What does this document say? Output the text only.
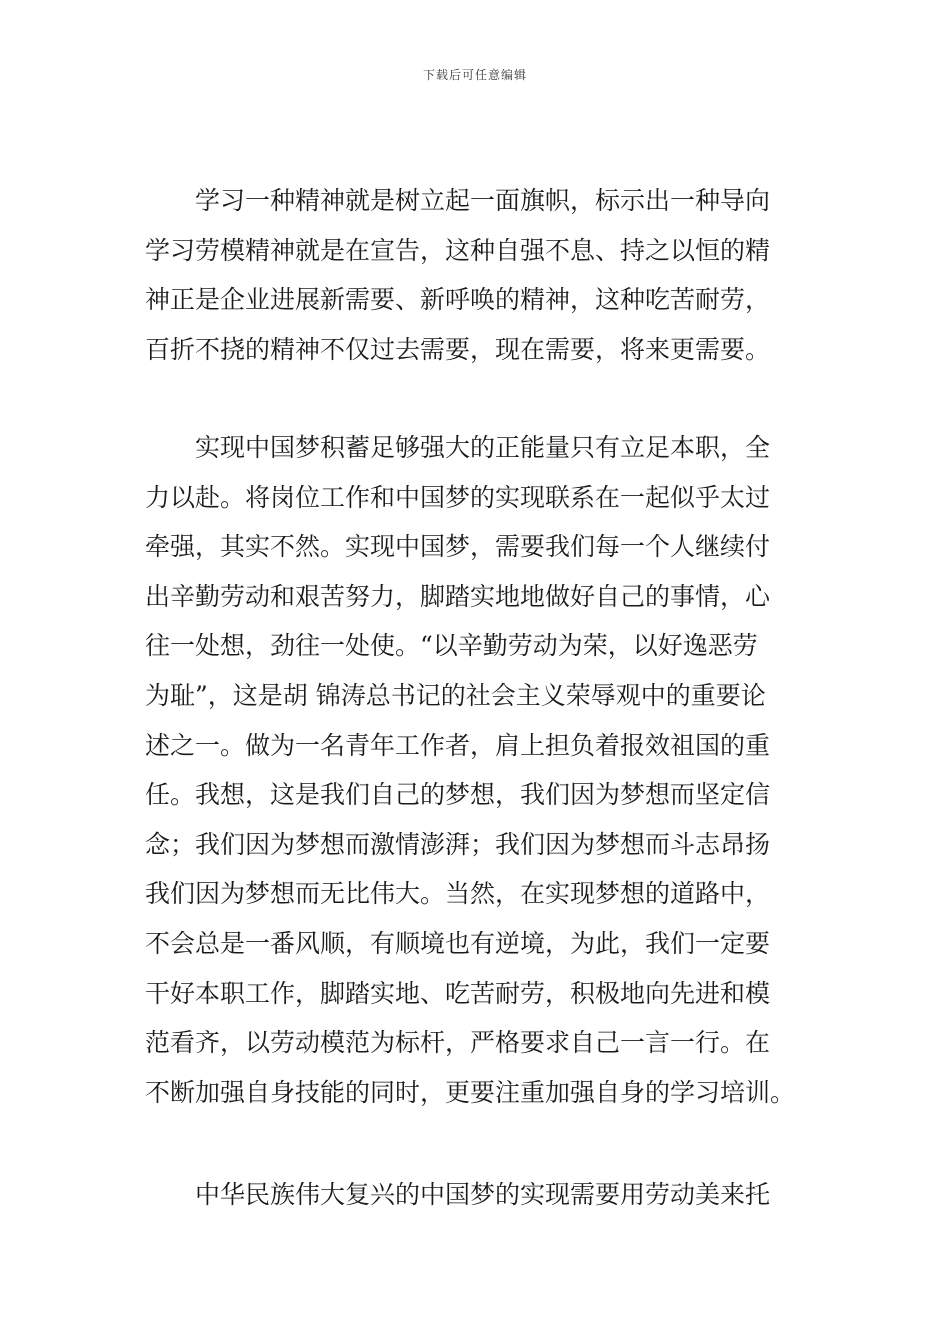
下载后可任意编辑

学习一种精神就是树立起一面旗帜，标示出一种导向

学习劳模精神就是在宣告，这种自强不息、持之以恒的精
神正是企业进展新需要、新呼唤的精神，这种吃苦耐劳，
百折不挠的精神不仅过去需要，现在需要，将来更需要。

实现中国梦积蓄足够强大的正能量只有立足本职，全

力以赴。将岗位工作和中国梦的实现联系在一起似乎太过
牵强，其实不然。实现中国梦，需要我们每一个人继续付
出辛勤劳动和艰苦努力，脚踏实地地做好自己的事情，心
往一处想，劲往一处使。“以辛勤劳动为荣，以好逸恶劳
为耻”，这是胡 锦涛总书记的社会主义荣辱观中的重要论
述之一。做为一名青年工作者，肩上担负着报效祖国的重
任。我想，这是我们自己的梦想，我们因为梦想而坚定信
念；我们因为梦想而激情澎湃；我们因为梦想而斗志昂扬
我们因为梦想而无比伟大。当然，在实现梦想的道路中，
不会总是一番风顺，有顺境也有逆境，为此，我们一定要
干好本职工作，脚踏实地、吃苦耐劳，积极地向先进和模
范看齐，以劳动模范为标杆，严格要求自己一言一行。在
不断加强自身技能的同时，更要注重加强自身的学习培训。

中华民族伟大复兴的中国梦的实现需要用劳动美来托
